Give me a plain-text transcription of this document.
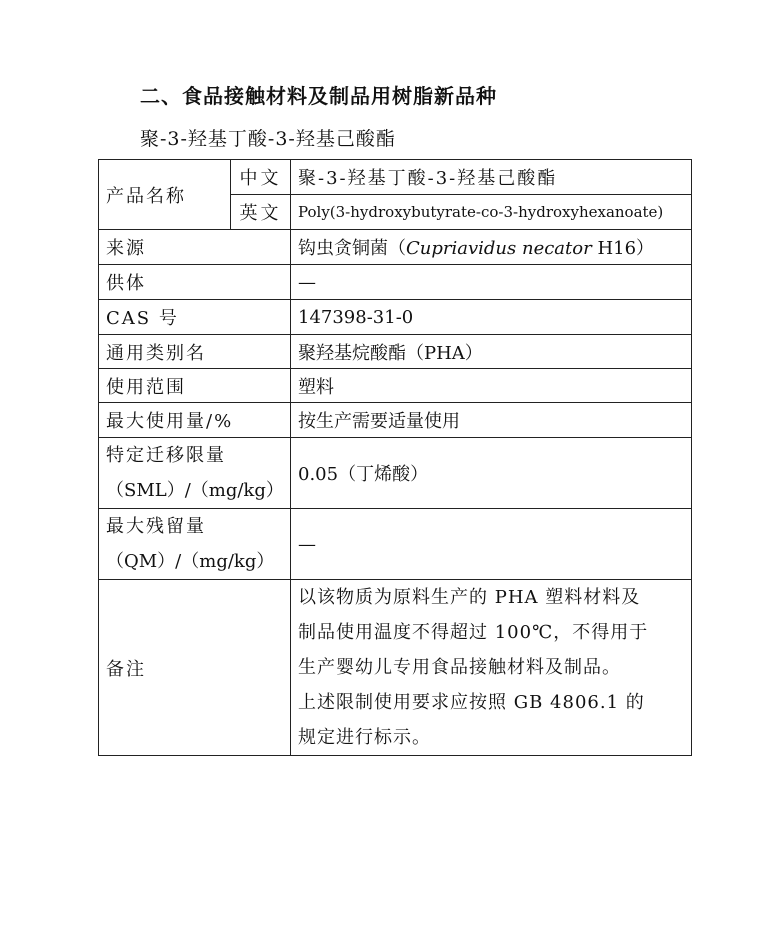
二、食品接触材料及制品用树脂新品种
聚-3-羟基丁酸-3-羟基己酸酯
产品名称	中文	聚-3-羟基丁酸-3-羟基己酸酯
	英文	Poly(3-hydroxybutyrate-co-3-hydroxyhexanoate)
来源		钩虫贪铜菌（Cupriavidus necator H16）
供体		—
CAS 号		147398-31-0
通用类别名		聚羟基烷酸酯（PHA）
使用范围		塑料
最大使用量/%		按生产需要适量使用

特定迁移限量
（SML）/（mg/kg）		0.05（丁烯酸）

最大残留量
（QM）/（mg/kg）		—
备注		以该物质为原料生产的 PHA 塑料材料及
制品使用温度不得超过 100℃，不得用于
生产婴幼儿专用食品接触材料及制品。
上述限制使用要求应按照 GB 4806.1 的
规定进行标示。
